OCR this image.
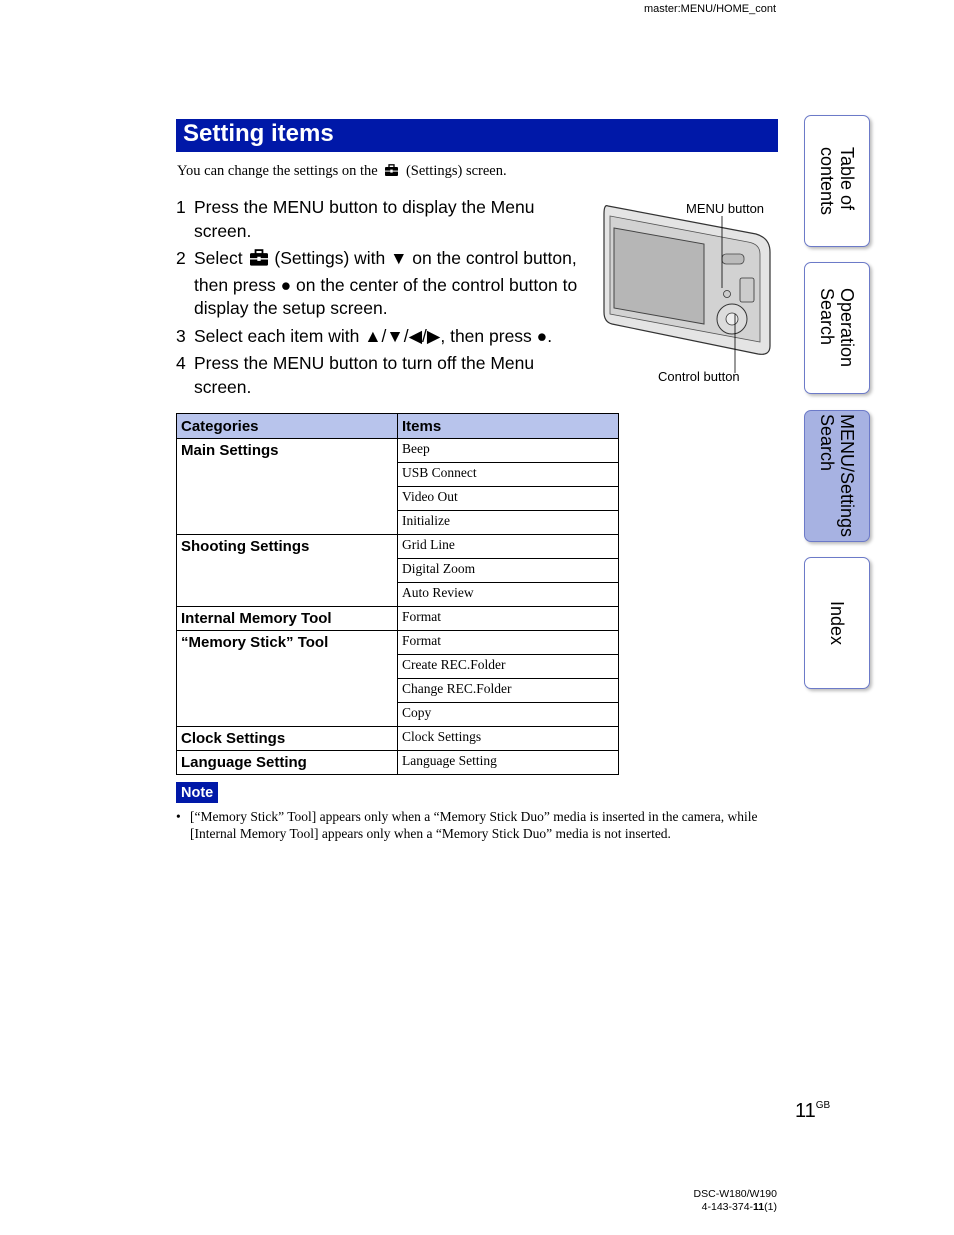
master:MENU/HOME_cont
Setting items
You can change the settings on the (Settings) screen.
1 Press the MENU button to display the Menu screen.
2 Select (Settings) with ▼ on the control button, then press ● on the center of the control button to display the setup screen.
3 Select each item with ▲/▼/◀/▶, then press ●.
4 Press the MENU button to turn off the Menu screen.
MENU button
Control button
Categories	Items
Main Settings	Beep
	USB Connect
	Video Out
	Initialize
Shooting Settings	Grid Line
	Digital Zoom
	Auto Review
Internal Memory Tool	Format
“Memory Stick” Tool	Format
	Create REC.Folder
	Change REC.Folder
	Copy
Clock Settings	Clock Settings
Language Setting	Language Setting
Note
• [“Memory Stick” Tool] appears only when a “Memory Stick Duo” media is inserted in the camera, while [Internal Memory Tool] appears only when a “Memory Stick Duo” media is not inserted.
Table of
contents
Operation
Search
MENU/Settings
Search
Index
$11^{GB}$
DSC-W180/W190
4-143-374-11(1)
